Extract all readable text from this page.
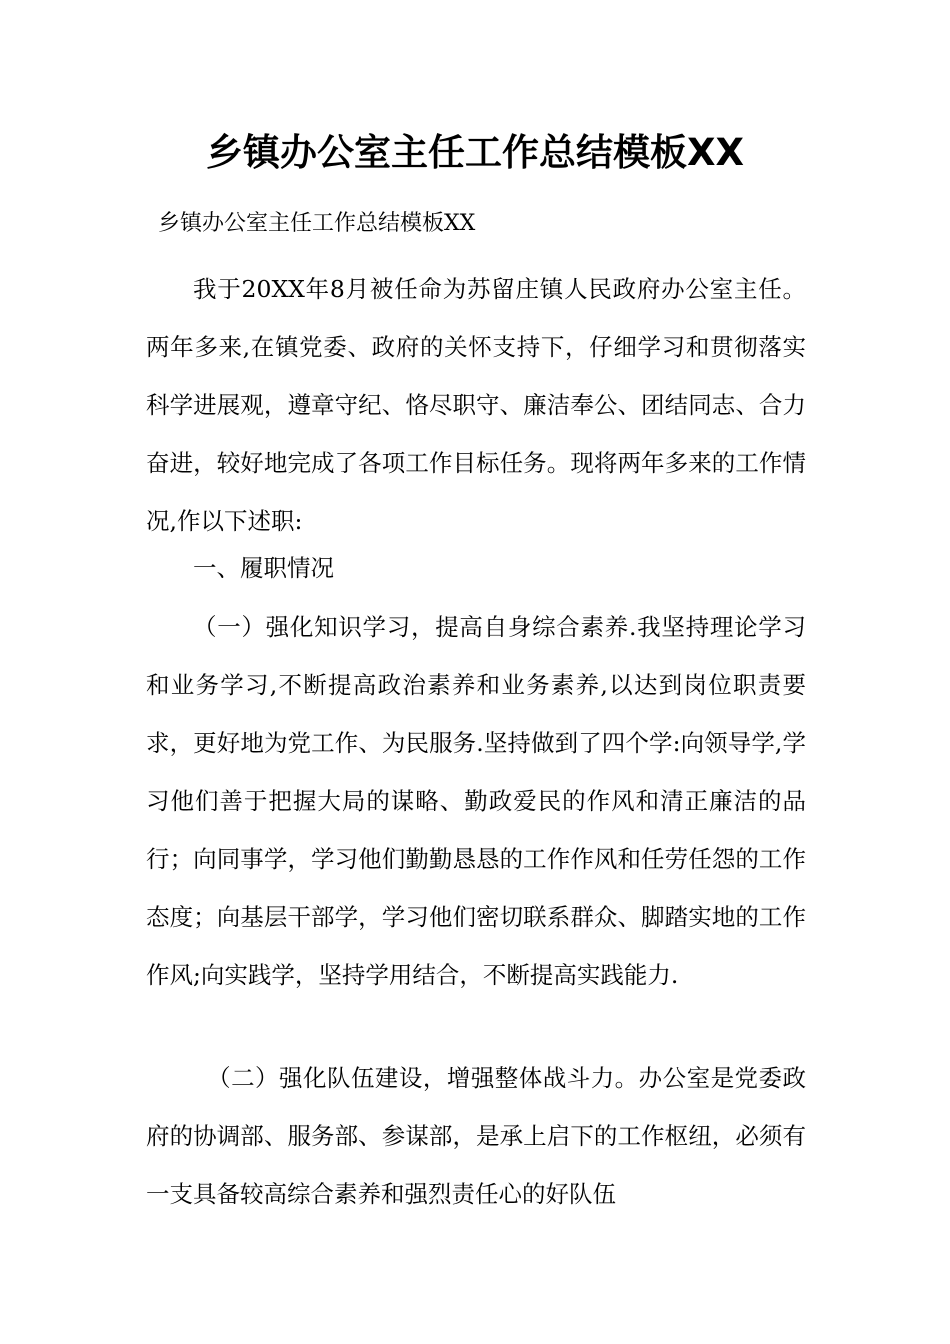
乡镇办公室主任工作总结模板XX
乡镇办公室主任工作总结模板XX

我于20XX年8月被任命为苏留庄镇人民政府办公室主任。两年多来,在镇党委、政府的关怀支持下，仔细学习和贯彻落实科学进展观，遵章守纪、恪尽职守、廉洁奉公、团结同志、合力奋进，较好地完成了各项工作目标任务。现将两年多来的工作情况,作以下述职:

一、履职情况

（一）强化知识学习，提高自身综合素养.我坚持理论学习和业务学习,不断提高政治素养和业务素养,以达到岗位职责要求，更好地为党工作、为民服务.坚持做到了四个学:向领导学,学习他们善于把握大局的谋略、勤政爱民的作风和清正廉洁的品行；向同事学，学习他们勤勤恳恳的工作作风和任劳任怨的工作态度；向基层干部学，学习他们密切联系群众、脚踏实地的工作作风;向实践学，坚持学用结合，不断提高实践能力.

（二）强化队伍建设，增强整体战斗力。办公室是党委政府的协调部、服务部、参谋部，是承上启下的工作枢纽，必须有一支具备较高综合素养和强烈责任心的好队伍
